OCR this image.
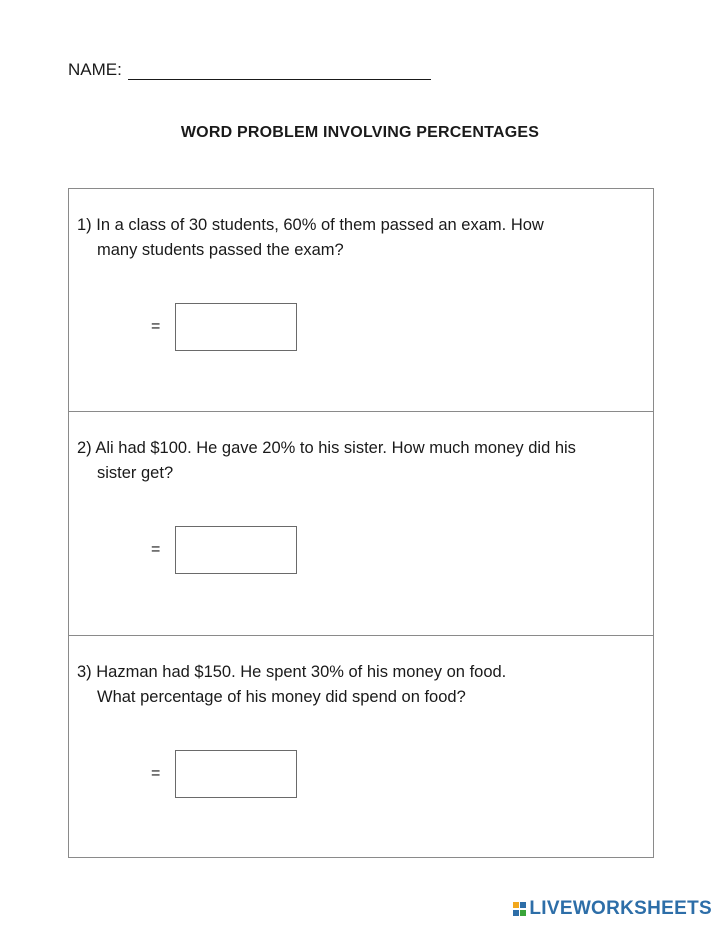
NAME:
WORD PROBLEM INVOLVING PERCENTAGES
1) In a class of 30 students, 60% of them passed an exam. How
many students passed the exam?
=
2) Ali had $100. He gave 20% to his sister. How much money did his
sister get?
=
3) Hazman had $150. He spent 30% of his money on food.
What percentage of his money did spend on food?
=
LIVEWORKSHEETS
